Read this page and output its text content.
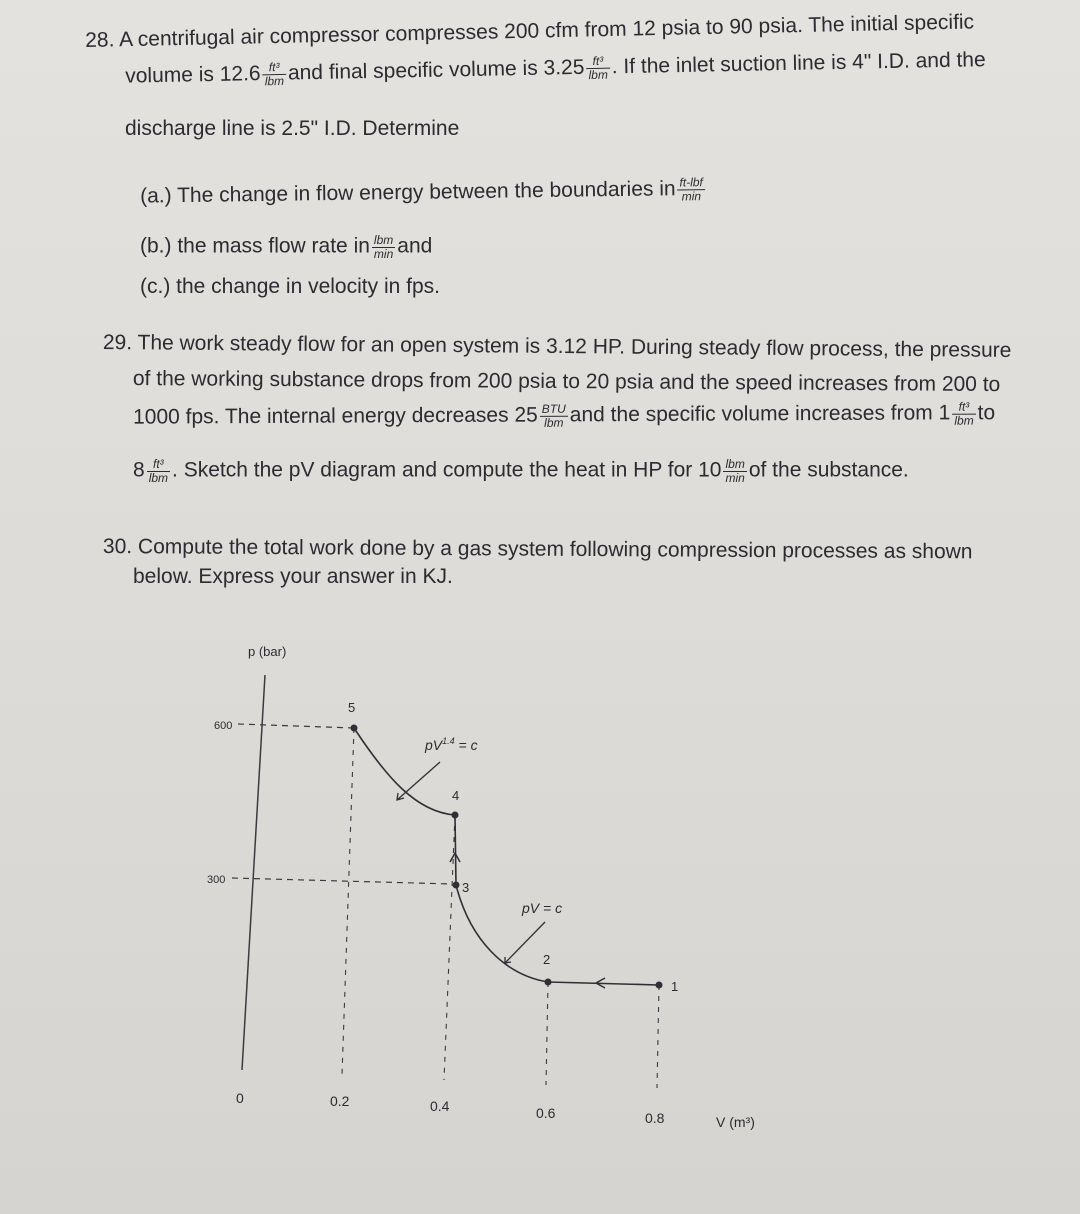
28. A centrifugal air compressor compresses 200 cfm from 12 psia to 90 psia. The initial specific
volume is $12.6 \frac{\text{ft³}}{\text{lbm}}$ and final specific volume is $3.25 \frac{\text{ft³}}{\text{lbm}}$ . If the inlet suction line is 4" I.D. and the
discharge line is 2.5" I.D. Determine
(a.) The change in flow energy between the boundaries in $\frac{\text{ft-lbf}}{\min}$
(b.) the mass flow rate in $\frac{\text{lbm}}{\min}$ and
(c.) the change in velocity in fps.
29. The work steady flow for an open system is 3.12 HP. During steady flow process, the pressure
of the working substance drops from 200 psia to 20 psia and the speed increases from 200 to
1000 fps. The internal energy decreases $25 \frac{\text{BTU}}{\text{lbm}}$ and the specific volume increases from $1 \frac{\text{ft³}}{\text{lbm}}$ to
$8 \frac{\text{ft³}}{\text{lbm}}$ . Sketch the pV diagram and compute the heat in HP for $10 \frac{\text{lbm}}{\min}$ of the substance.
30. Compute the total work done by a gas system following compression processes as shown
below. Express your answer in KJ.
p (bar)
1
2
3
4
5
$pV^{1.4} = c$
pV = c
600
300
0	0.2	0.4	0.6	0.8	V (m³)
